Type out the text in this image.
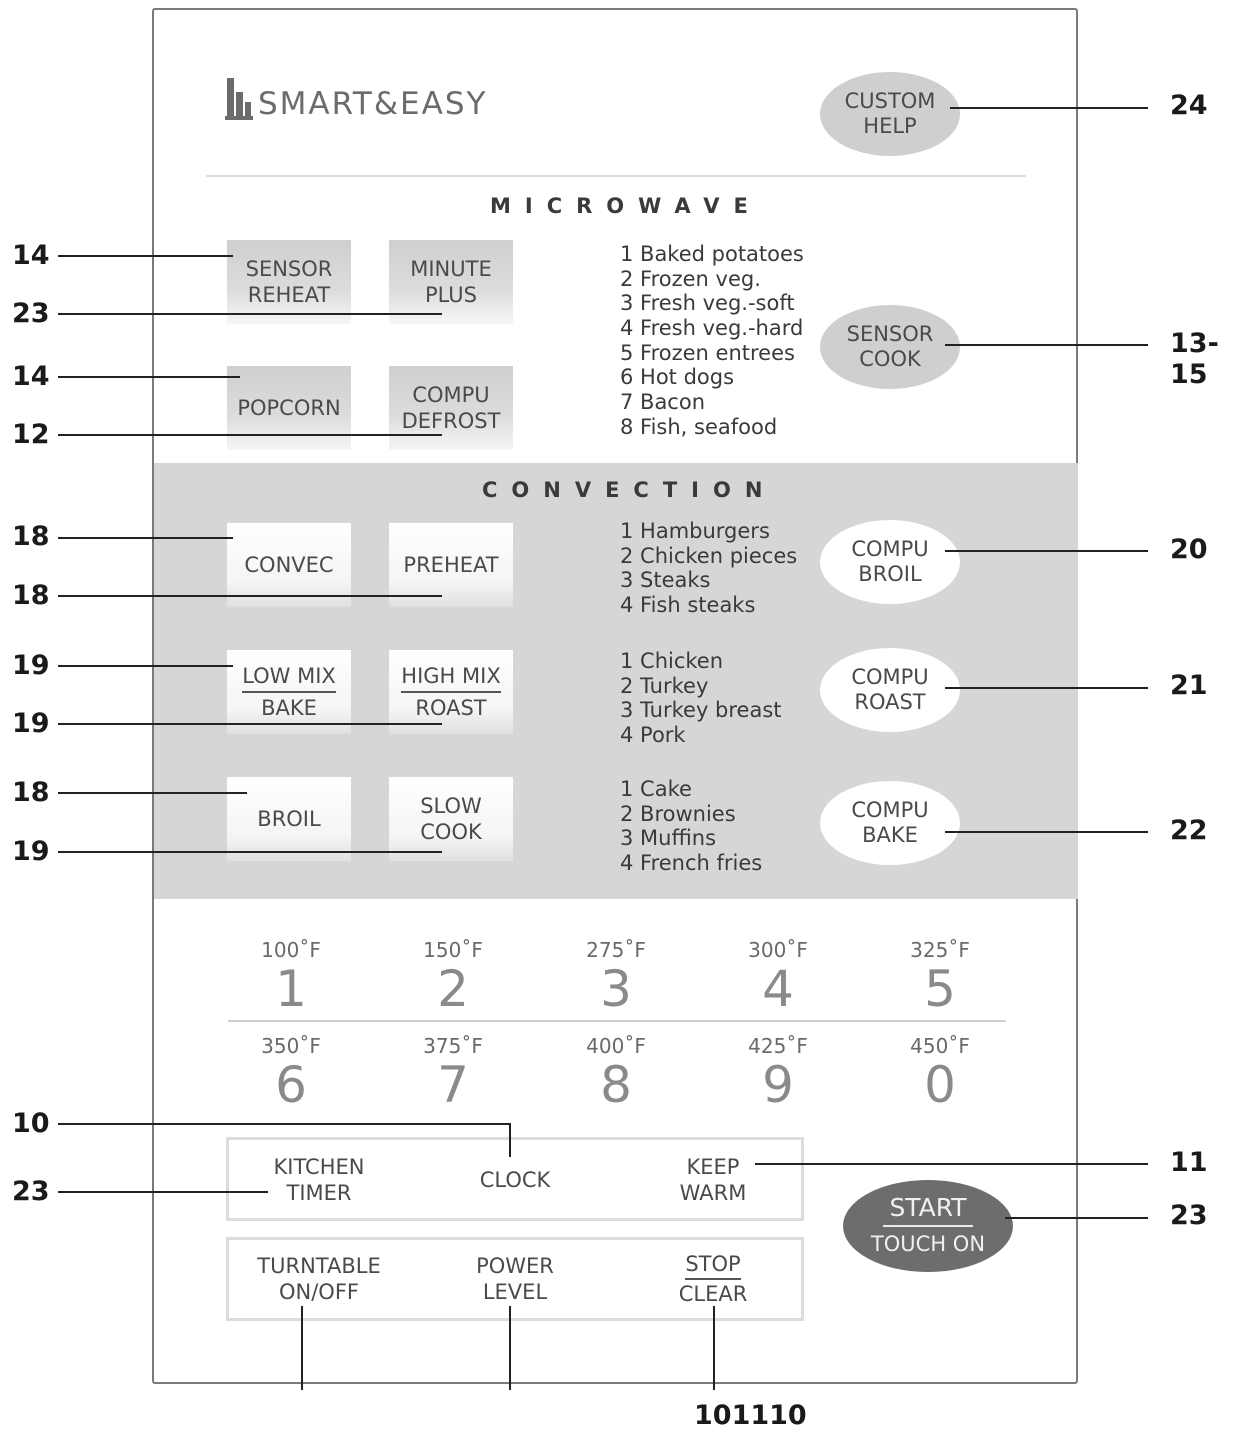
SMART&EASY	CUSTOM
HELP
MICROWAVE
SENSOR
REHEAT
MINUTE
PLUS
POPCORN
COMPU
DEFROST
1 Baked potatoes
2 Frozen veg.
3 Fresh veg.-soft
4 Fresh veg.-hard
5 Frozen entrees
6 Hot dogs
7 Bacon
8 Fish, seafood
SENSOR
COOK
CONVECTION
CONVEC	PREHEAT
LOW MIX
BAKE
HIGH MIX
ROAST
BROIL
SLOW
COOK
1 Hamburgers
2 Chicken pieces
3 Steaks
4 Fish steaks
COMPU
BROIL
1 Chicken
2 Turkey
3 Turkey breast
4 Pork
COMPU
ROAST
1 Cake
2 Brownies
3 Muffins
4 French fries
COMPU
BAKE
100˚F
1
150˚F
2
275˚F
3
300˚F
4
325˚F
5
350˚F
6
375˚F
7
400˚F
8
425˚F
9
450˚F
0
KITCHEN
TIMER
CLOCK
KEEP
WARM
TURNTABLE
ON/OFF
POWER
LEVEL
STOP
CLEAR
START
TOUCH ON
24
13-15
20
21
22
11
23
14
23
14
12
18
18
19
19
18
19
10
23
101110
